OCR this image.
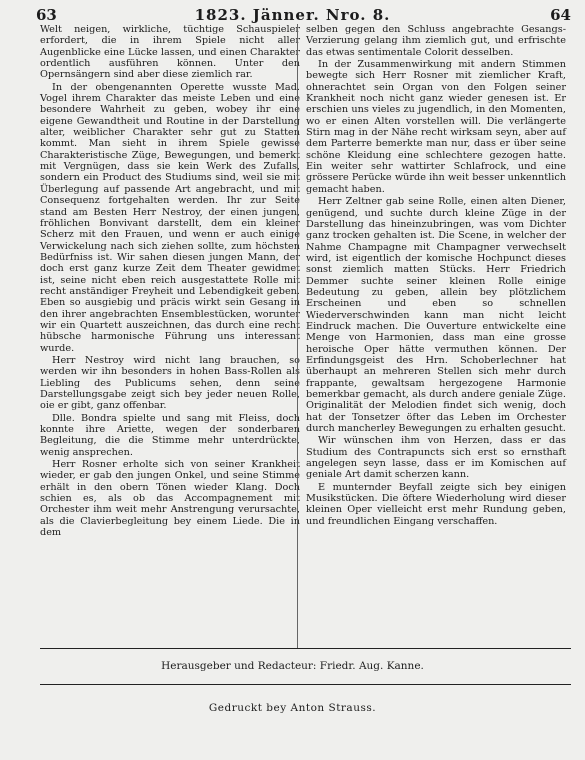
63	1823. Jänner. Nro. 8.	64

Welt neigen, wirkliche, tüchtige Schauspieler erfordert, die in ihrem Spiele nicht aller Augenblicke eine Lücke lassen, und einen Charakter ordentlich ausführen können. Unter den Opernsängern sind aber diese ziemlich rar.

In der obengenannten Operette wusste Mad. Vogel ihrem Charakter das meiste Leben und eine besondere Wahrheit zu geben, wobey ihr eine eigene Gewandtheit und Routine in der Darstellung alter, weiblicher Charakter sehr gut zu Statten kommt. Man sieht in ihrem Spiele gewisse Charakteristische Züge, Bewegungen, und bemerkt mit Vergnügen, dass sie kein Werk des Zufalls, sondern ein Product des Studiums sind, weil sie mit Überlegung auf passende Art angebracht, und mit Consequenz fortgehalten werden. Ihr zur Seite stand am Besten Herr Nestroy, der einen jungen, fröhlichen Bonvivant darstellt, dem ein kleiner Scherz mit den Frauen, und wenn er auch einige Verwickelung nach sich ziehen sollte, zum höchsten Bedürfniss ist. Wir sahen diesen jungen Mann, der doch erst ganz kurze Zeit dem Theater gewidmet ist, seine nicht eben reich ausgestattete Rolle mit recht anständiger Freyheit und Lebendigkeit geben. Eben so ausgiebig und präcis wirkt sein Gesang in den ihrer angebrachten Ensemblestücken, worunter wir ein Quartett auszeichnen, das durch eine recht hübsche harmonische Führung uns interessant wurde.

Herr Nestroy wird nicht lang brauchen, so werden wir ihn besonders in hohen Bass-Rollen als Liebling des Publicums sehen, denn seine Darstellungsgabe zeigt sich bey jeder neuen Rolle, oie er gibt, ganz offenbar.

Dlle. Bondra spielte und sang mit Fleiss, doch konnte ihre Ariette, wegen der sonderbaren Begleitung, die die Stimme mehr unterdrückte, wenig ansprechen.

Herr Rosner erholte sich von seiner Krankheit wieder, er gab den jungen Onkel, und seine Stimme erhält in den obern Tönen wieder Klang. Doch schien es, als ob das Accompagnement mit Orchester ihm weit mehr Anstrengung verursachte, als die Clavierbegleitung bey einem Liede. Die in dem

selben gegen den Schluss angebrachte Gesangs-Verzierung gelang ihm ziemlich gut, und erfrischte das etwas sentimentale Colorit desselben.

In der Zusammenwirkung mit andern Stimmen bewegte sich Herr Rosner mit ziemlicher Kraft, ohnerachtet sein Organ von den Folgen seiner Krankheit noch nicht ganz wieder genesen ist. Er erschien uns vieles zu jugendlich, in den Momenten, wo er einen Alten vorstellen will. Die verlängerte Stirn mag in der Nähe recht wirksam seyn, aber auf dem Parterre bemerkte man nur, dass er über seine schöne Kleidung eine schlechtere gezogen hatte. Ein weiter sehr wattirter Schlafrock, und eine grössere Perücke würde ihn weit besser unkenntlich gemacht haben.

Herr Zeltner gab seine Rolle, einen alten Diener, genügend, und suchte durch kleine Züge in der Darstellung das hineinzubringen, was vom Dichter ganz trocken gehalten ist. Die Scene, in welcher der Nahme Champagne mit Champagner verwechselt wird, ist eigentlich der komische Hochpunct dieses sonst ziemlich matten Stücks. Herr Friedrich Demmer suchte seiner kleinen Rolle einige Bedeutung zu geben, allein bey plötzlichem Erscheinen und eben so schnellen Wiederverschwinden kann man nicht leicht Eindruck machen. Die Ouverture entwickelte eine Menge von Harmonien, dass man eine grosse heroische Oper hätte vermuthen können. Der Erfindungsgeist des Hrn. Schoberlechner hat überhaupt an mehreren Stellen sich mehr durch frappante, gewaltsam hergezogene Harmonie bemerkbar gemacht, als durch andere geniale Züge. Originalität der Melodien findet sich wenig, doch hat der Tonsetzer öfter das Leben im Orchester durch mancherley Bewegungen zu erhalten gesucht.

Wir wünschen ihm von Herzen, dass er das Studium des Contrapuncts sich erst so ernsthaft angelegen seyn lasse, dass er im Komischen auf geniale Art damit scherzen kann.

E munternder Beyfall zeigte sich bey einigen Musikstücken. Die öftere Wiederholung wird dieser kleinen Oper vielleicht erst mehr Rundung geben, und freundlichen Eingang verschaffen.

Herausgeber und Redacteur: Friedr. Aug. Kanne.
Gedruckt bey Anton Strauss.
